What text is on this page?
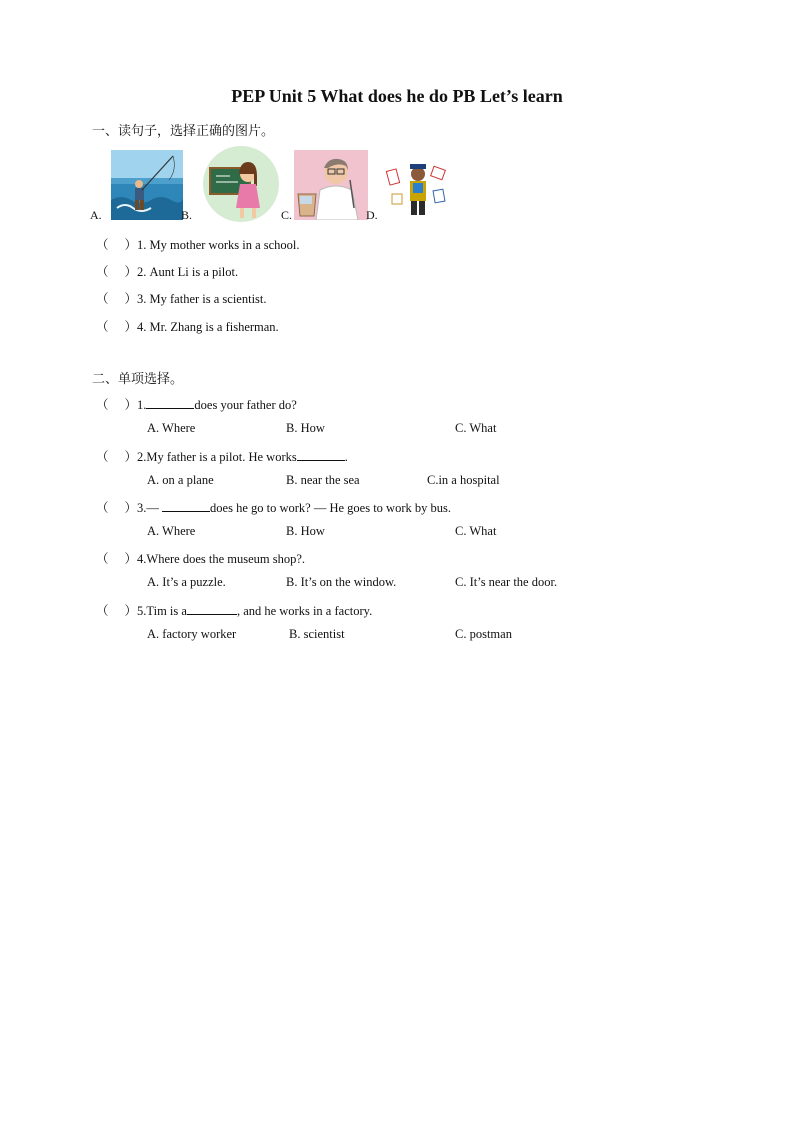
PEP Unit 5 What does he do PB Let’s learn
一、读句子，选择正确的图片。
A.	B.	C.	D.
（ ）1. My mother works in a school.
（ ）2. Aunt Li is a pilot.
（ ）3. My father is a scientist.
（ ）4. Mr. Zhang is a fisherman.
二、单项选择。
（ ）1.	does your father do?
A. Where	B. How	C. What
（ ）2.My father is a pilot. He works	.
A. on a plane	B. near the sea	C.in a hospital
（ ）3.—	does he go to work? — He goes to work by bus.
A. Where	B. How	C. What
（ ）4.Where does the museum shop?.
A. It’s a puzzle.	B. It’s on the window.	C. It’s near the door.
（ ）5.Tim is a	, and he works in a factory.
A. factory worker	B. scientist	C. postman
